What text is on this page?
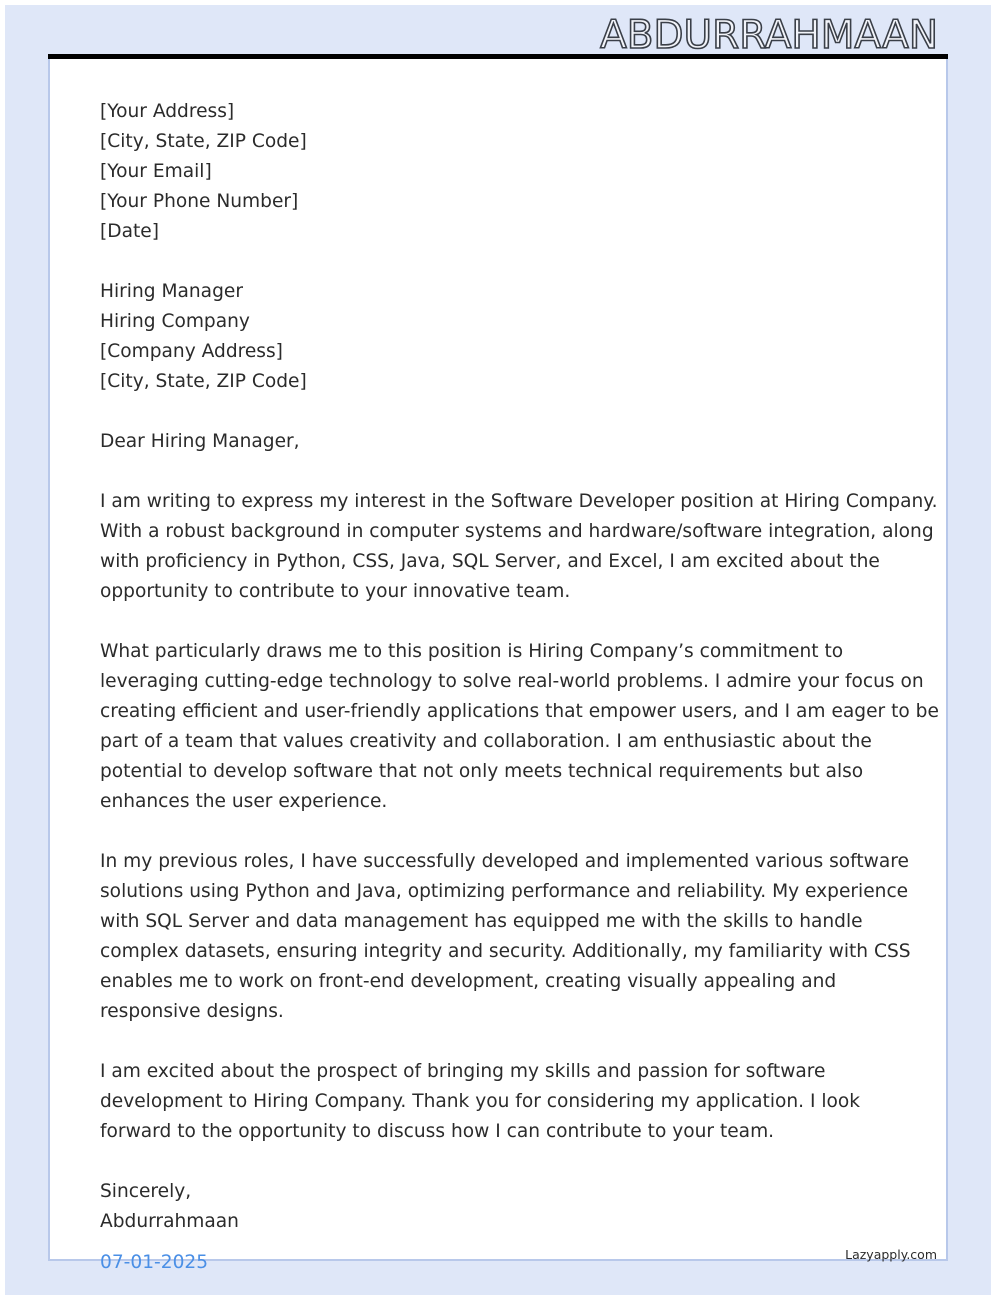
ABDURRAHMAAN
[Your Address]
[City, State, ZIP Code]
[Your Email]
[Your Phone Number]
[Date]
Hiring Manager
Hiring Company
[Company Address]
[City, State, ZIP Code]
Dear Hiring Manager,
I am writing to express my interest in the Software Developer position at Hiring Company.
With a robust background in computer systems and hardware/software integration, along
with proficiency in Python, CSS, Java, SQL Server, and Excel, I am excited about the
opportunity to contribute to your innovative team.
What particularly draws me to this position is Hiring Company’s commitment to
leveraging cutting-edge technology to solve real-world problems. I admire your focus on
creating efficient and user-friendly applications that empower users, and I am eager to be
part of a team that values creativity and collaboration. I am enthusiastic about the
potential to develop software that not only meets technical requirements but also
enhances the user experience.
In my previous roles, I have successfully developed and implemented various software
solutions using Python and Java, optimizing performance and reliability. My experience
with SQL Server and data management has equipped me with the skills to handle
complex datasets, ensuring integrity and security. Additionally, my familiarity with CSS
enables me to work on front-end development, creating visually appealing and
responsive designs.
I am excited about the prospect of bringing my skills and passion for software
development to Hiring Company. Thank you for considering my application. I look
forward to the opportunity to discuss how I can contribute to your team.
Sincerely,
Abdurrahmaan
07-01-2025	Lazyapply.com
